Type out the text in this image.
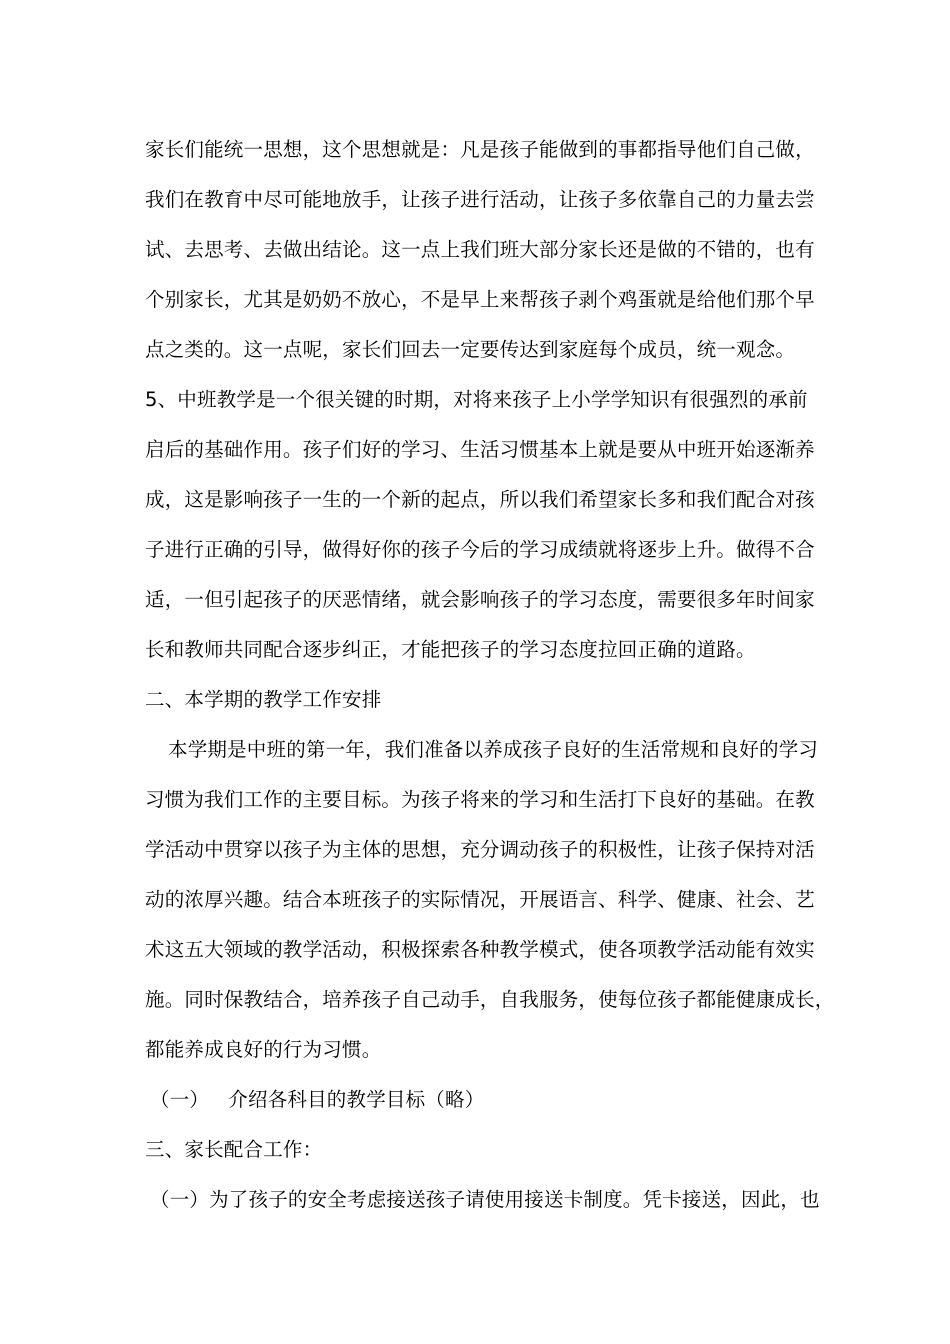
家长们能统一思想，这个思想就是：凡是孩子能做到的事都指导他们自己做，
我们在教育中尽可能地放手，让孩子进行活动，让孩子多依靠自己的力量去尝
试、去思考、去做出结论。这一点上我们班大部分家长还是做的不错的，也有
个别家长，尤其是奶奶不放心，不是早上来帮孩子剥个鸡蛋就是给他们那个早
点之类的。这一点呢，家长们回去一定要传达到家庭每个成员，统一观念。
5、中班教学是一个很关键的时期，对将来孩子上小学学知识有很强烈的承前
启后的基础作用。孩子们好的学习、生活习惯基本上就是要从中班开始逐渐养
成，这是影响孩子一生的一个新的起点，所以我们希望家长多和我们配合对孩
子进行正确的引导，做得好你的孩子今后的学习成绩就将逐步上升。做得不合
适，一但引起孩子的厌恶情绪，就会影响孩子的学习态度，需要很多年时间家
长和教师共同配合逐步纠正，才能把孩子的学习态度拉回正确的道路。
二、本学期的教学工作安排
本学期是中班的第一年，我们准备以养成孩子良好的生活常规和良好的学习
习惯为我们工作的主要目标。为孩子将来的学习和生活打下良好的基础。在教
学活动中贯穿以孩子为主体的思想，充分调动孩子的积极性，让孩子保持对活
动的浓厚兴趣。结合本班孩子的实际情况，开展语言、科学、健康、社会、艺
术这五大领域的教学活动，积极探索各种教学模式，使各项教学活动能有效实
施。同时保教结合，培养孩子自己动手，自我服务，使每位孩子都能健康成长，
都能养成良好的行为习惯。
（一）   介绍各科目的教学目标（略）
三、家长配合工作：
（一）为了孩子的安全考虑接送孩子请使用接送卡制度。凭卡接送，因此，也
